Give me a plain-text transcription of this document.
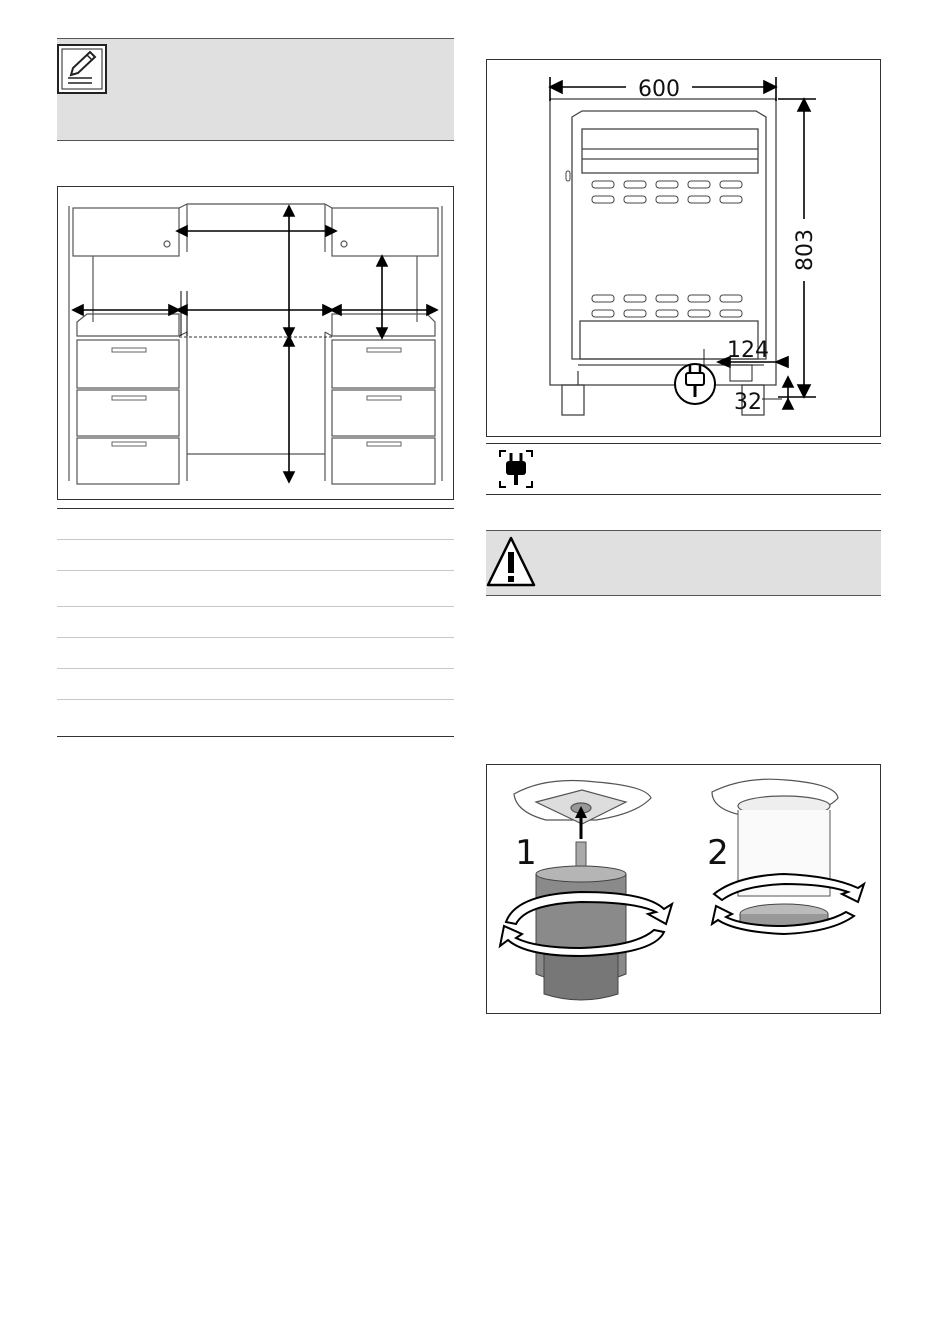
600
803
124
32
1	2
